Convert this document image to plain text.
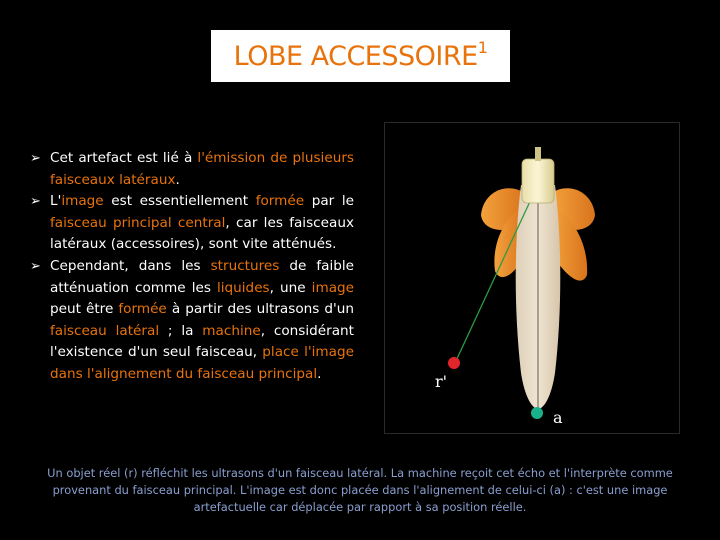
LOBE ACCESSOIRE$^1$
➢ Cet artefact est lié à l'émission de plusieurs faisceaux latéraux.
➢ L'image est essentiellement formée par le faisceau principal central, car les faisceaux latéraux (accessoires), sont vite atténués.
➢ Cependant, dans les structures de faible atténuation comme les liquides, une image peut être formée à partir des ultrasons d'un faisceau latéral ; la machine, considérant l'existence d'un seul faisceau, place l'image dans l'alignement du faisceau principal.	r'
a
Un objet réel (r) réfléchit les ultrasons d'un faisceau latéral. La machine reçoit cet écho et l'interprète comme provenant du faisceau principal. L'image est donc placée dans l'alignement de celui-ci (a) : c'est une image artefactuelle car déplacée par rapport à sa position réelle.
